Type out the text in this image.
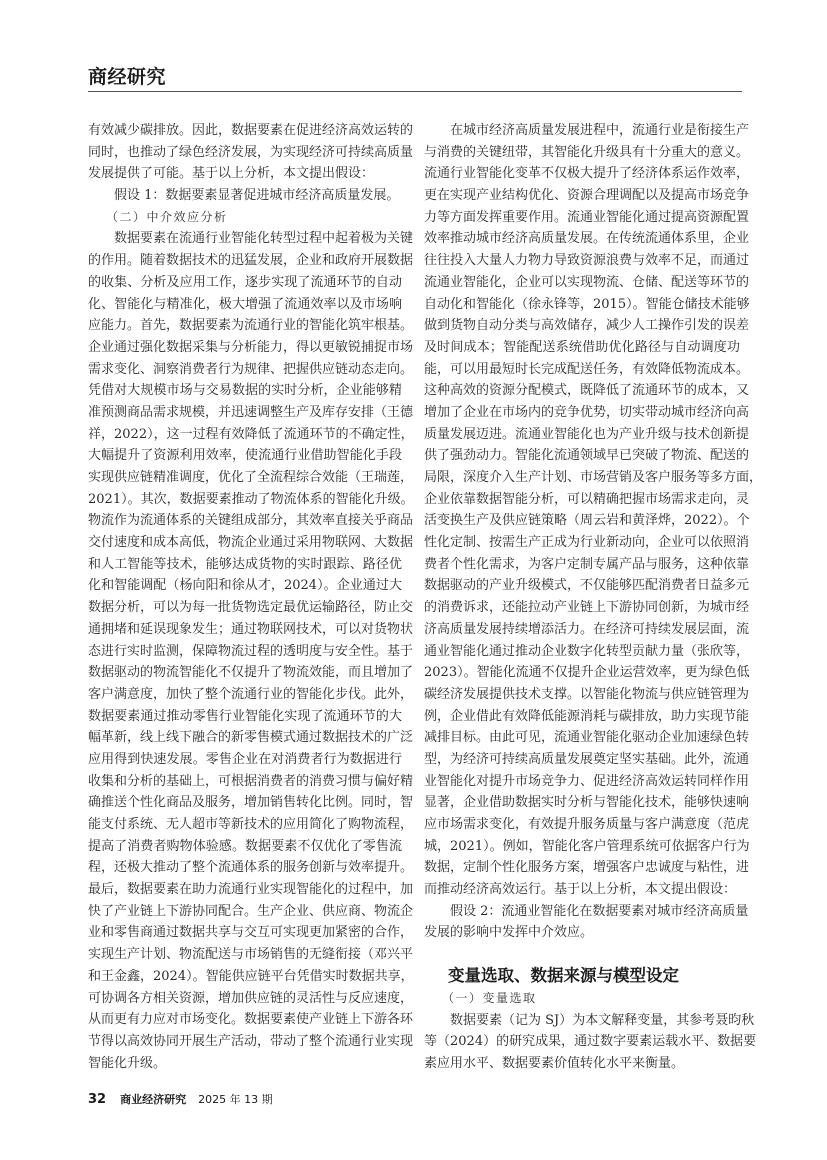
商经研究
有效减少碳排放。因此，数据要素在促进经济高效运转的
同时，也推动了绿色经济发展，为实现经济可持续高质量
发展提供了可能。基于以上分析，本文提出假设：
假设 1：数据要素显著促进城市经济高质量发展。
（二）中介效应分析
数据要素在流通行业智能化转型过程中起着极为关键
的作用。随着数据技术的迅猛发展，企业和政府开展数据
的收集、分析及应用工作，逐步实现了流通环节的自动
化、智能化与精准化，极大增强了流通效率以及市场响
应能力。首先，数据要素为流通行业的智能化筑牢根基。
企业通过强化数据采集与分析能力，得以更敏锐捕捉市场
需求变化、洞察消费者行为规律、把握供应链动态走向。
凭借对大规模市场与交易数据的实时分析，企业能够精
准预测商品需求规模，并迅速调整生产及库存安排（王德
祥，2022），这一过程有效降低了流通环节的不确定性，
大幅提升了资源利用效率，使流通行业借助智能化手段
实现供应链精准调度，优化了全流程综合效能（王瑞莲，
2021）。其次，数据要素推动了物流体系的智能化升级。
物流作为流通体系的关键组成部分，其效率直接关乎商品
交付速度和成本高低，物流企业通过采用物联网、大数据
和人工智能等技术，能够达成货物的实时跟踪、路径优
化和智能调配（杨向阳和徐从才，2024）。企业通过大
数据分析，可以为每一批货物选定最优运输路径，防止交
通拥堵和延误现象发生；通过物联网技术，可以对货物状
态进行实时监测，保障物流过程的透明度与安全性。基于
数据驱动的物流智能化不仅提升了物流效能，而且增加了
客户满意度，加快了整个流通行业的智能化步伐。此外，
数据要素通过推动零售行业智能化实现了流通环节的大
幅革新，线上线下融合的新零售模式通过数据技术的广泛
应用得到快速发展。零售企业在对消费者行为数据进行
收集和分析的基础上，可根据消费者的消费习惯与偏好精
确推送个性化商品及服务，增加销售转化比例。同时，智
能支付系统、无人超市等新技术的应用简化了购物流程，
提高了消费者购物体验感。数据要素不仅优化了零售流
程，还极大推动了整个流通体系的服务创新与效率提升。
最后，数据要素在助力流通行业实现智能化的过程中，加
快了产业链上下游协同配合。生产企业、供应商、物流企
业和零售商通过数据共享与交互可实现更加紧密的合作，
实现生产计划、物流配送与市场销售的无缝衔接（邓兴平
和王金鑫，2024）。智能供应链平台凭借实时数据共享，
可协调各方相关资源，增加供应链的灵活性与反应速度，
从而更有力应对市场变化。数据要素使产业链上下游各环
节得以高效协同开展生产活动，带动了整个流通行业实现
智能化升级。
在城市经济高质量发展进程中，流通行业是衔接生产
与消费的关键纽带，其智能化升级具有十分重大的意义。
流通行业智能化变革不仅极大提升了经济体系运作效率，
更在实现产业结构优化、资源合理调配以及提高市场竞争
力等方面发挥重要作用。流通业智能化通过提高资源配置
效率推动城市经济高质量发展。在传统流通体系里，企业
往往投入大量人力物力导致资源浪费与效率不足，而通过
流通业智能化，企业可以实现物流、仓储、配送等环节的
自动化和智能化（徐永锋等，2015）。智能仓储技术能够
做到货物自动分类与高效储存，减少人工操作引发的误差
及时间成本；智能配送系统借助优化路径与自动调度功
能，可以用最短时长完成配送任务，有效降低物流成本。
这种高效的资源分配模式，既降低了流通环节的成本，又
增加了企业在市场内的竞争优势，切实带动城市经济向高
质量发展迈进。流通业智能化也为产业升级与技术创新提
供了强劲动力。智能化流通领域早已突破了物流、配送的
局限，深度介入生产计划、市场营销及客户服务等多方面，
企业依靠数据智能分析，可以精确把握市场需求走向，灵
活变换生产及供应链策略（周云岩和黄泽烨，2022）。个
性化定制、按需生产正成为行业新动向，企业可以依照消
费者个性化需求，为客户定制专属产品与服务，这种依靠
数据驱动的产业升级模式，不仅能够匹配消费者日益多元
的消费诉求，还能拉动产业链上下游协同创新，为城市经
济高质量发展持续增添活力。在经济可持续发展层面，流
通业智能化通过推动企业数字化转型贡献力量（张欣等，
2023）。智能化流通不仅提升企业运营效率，更为绿色低
碳经济发展提供技术支撑。以智能化物流与供应链管理为
例，企业借此有效降低能源消耗与碳排放，助力实现节能
减排目标。由此可见，流通业智能化驱动企业加速绿色转
型，为经济可持续高质量发展奠定坚实基础。此外，流通
业智能化对提升市场竞争力、促进经济高效运转同样作用
显著，企业借助数据实时分析与智能化技术，能够快速响
应市场需求变化，有效提升服务质量与客户满意度（范虎
城，2021）。例如，智能化客户管理系统可依据客户行为
数据，定制个性化服务方案，增强客户忠诚度与粘性，进
而推动经济高效运行。基于以上分析，本文提出假设：
假设 2：流通业智能化在数据要素对城市经济高质量
发展的影响中发挥中介效应。
变量选取、数据来源与模型设定
（一）变量选取
数据要素（记为 SJ）为本文解释变量，其参考聂昀秋
等（2024）的研究成果，通过数字要素运载水平、数据要
素应用水平、数据要素价值转化水平来衡量。
32 商业经济研究 2025 年 13 期
